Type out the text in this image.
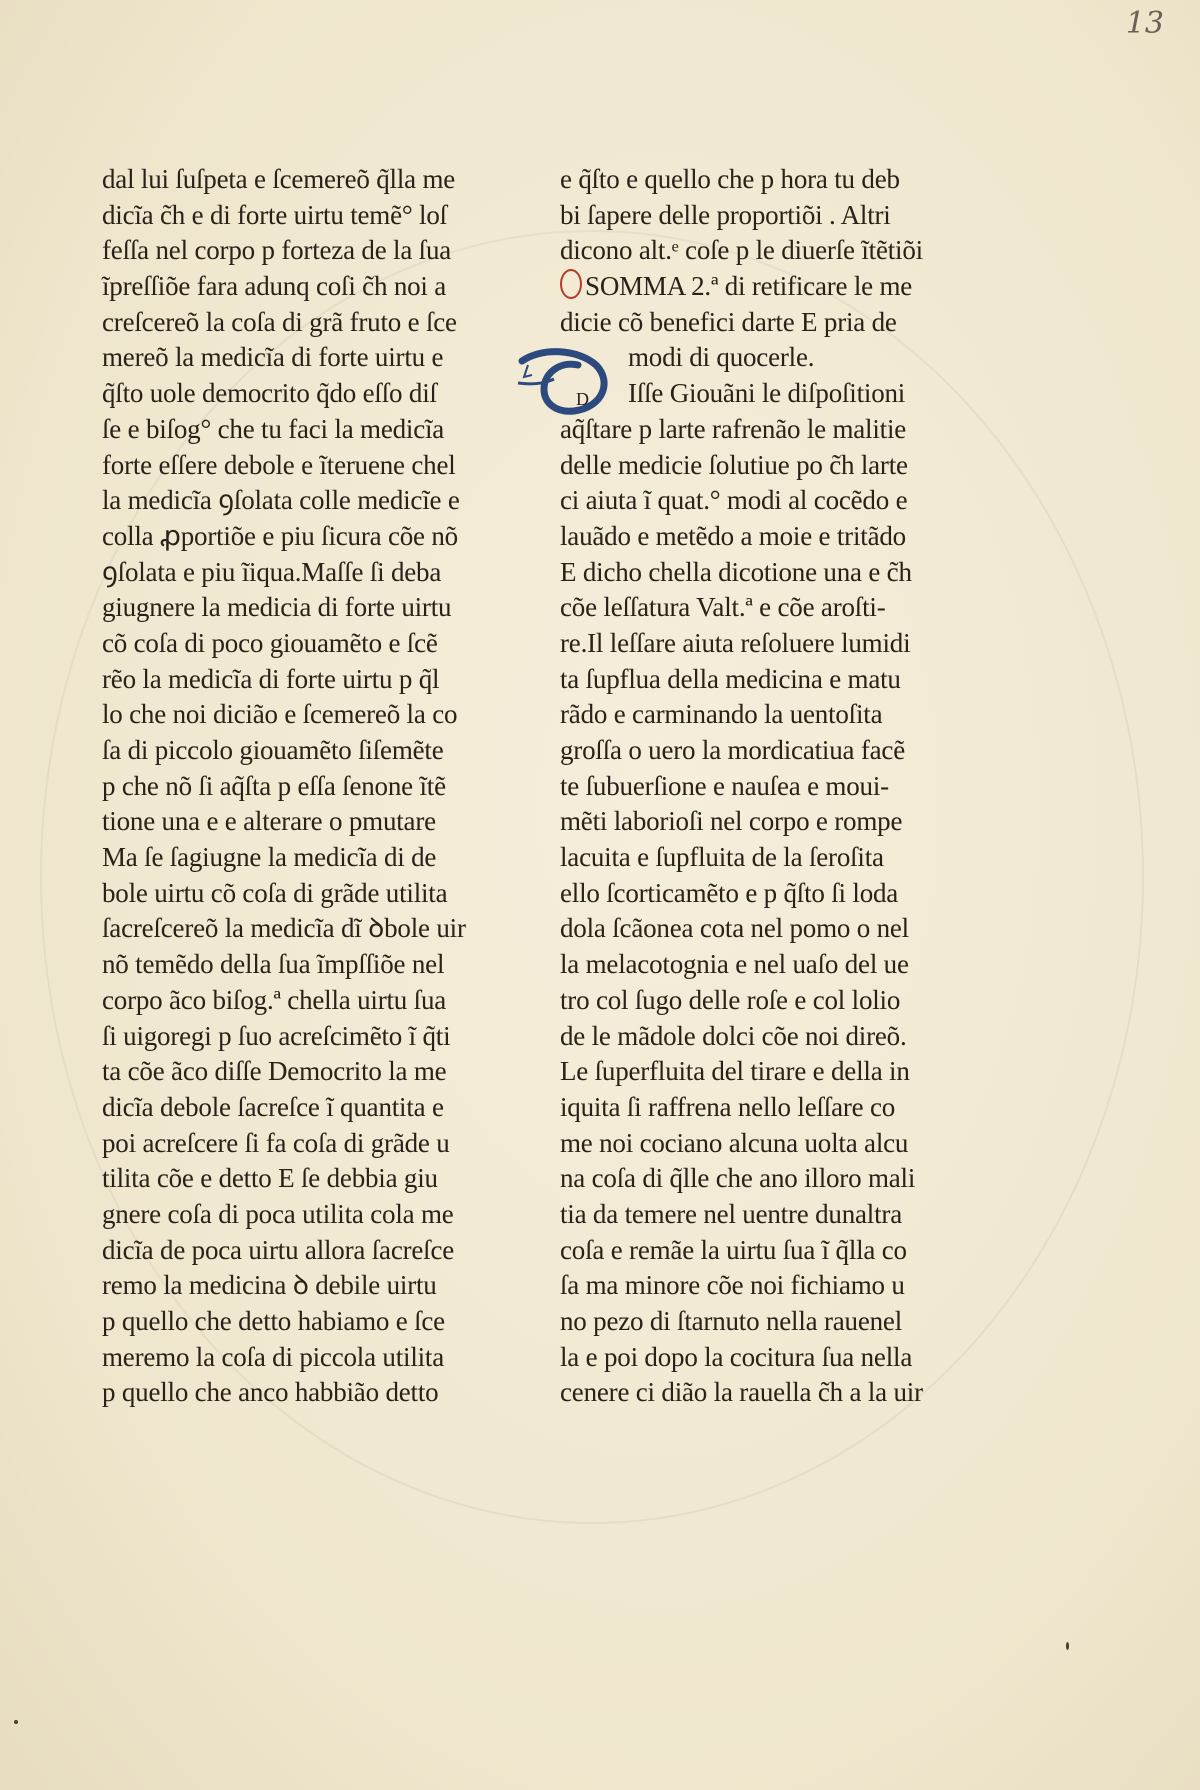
13
dal lui ſuſpeta e ſcemereõ q̃lla me
dicĩa c̃h e di forte uirtu temẽ° loſ
feſſa nel corpo p forteza de la ſua
ĩpreſſiõe fara adunq coſi c̃h noi a
creſcereõ la coſa di grã fruto e ſce
mereõ la medicĩa di forte uirtu e
q̃ſto uole democrito q̃do eſſo diſ
ſe e biſog° che tu faci la medicĩa
forte eſſere debole e ĩteruene chel
la medicĩa ꝯſolata colle medicĩe e
colla ꝓportiõe e piu ſicura cõe nõ
ꝯſolata e piu ĩiqua.Maſſe ſi deba
giugnere la medicia di forte uirtu
cõ coſa di poco giouamẽto e ſcẽ
rẽo la medicĩa di forte uirtu p q̃l
lo che noi dicião e ſcemereõ la co
ſa di piccolo giouamẽto ſiſemẽte
p che nõ ſi aq̃ſta p eſſa ſenone ĩtẽ
tione una e e alterare o pmutare
Ma ſe ſagiugne la medicĩa di de
bole uirtu cõ coſa di grãde utilita
ſacreſcereõ la medicĩa dĩ ꝺbole uir
nõ temẽdo della ſua ĩmpſſiõe nel
corpo ãco biſog.ª chella uirtu ſua
ſi uigoregi p ſuo acreſcimẽto ĩ q̃ti
ta cõe ãco diſſe Democrito la me
dicĩa debole ſacreſce ĩ quantita e
poi acreſcere ſi fa coſa di grãde u
tilita cõe e detto E ſe debbia giu
gnere coſa di poca utilita cola me
dicĩa de poca uirtu allora ſacreſce
remo la medicina ꝺ debile uirtu
p quello che detto habiamo e ſce
meremo la coſa di piccola utilita
p quello che anco habbião detto
e q̃ſto e quello che p hora tu deb
bi ſapere delle proportiõi . Altri
dicono alt.ᵉ coſe p le diuerſe ĩtẽtiõi
SOMMA 2.ª di retificare le me
dicie cõ benefici darte E pria de
modi di quocerle.
Iſſe Giouãni le diſpoſitioni
aq̃ſtare p larte rafrenão le malitie
delle medicie ſolutiue po c̃h larte
ci aiuta ĩ quat.° modi al cocẽdo e
lauãdo e metẽdo a moie e tritãdo
E dicho chella dicotione una e c̃h
cõe leſſatura Valt.ª e cõe aroſti-
re.Il leſſare aiuta reſoluere lumidi
ta ſupflua della medicina e matu
rãdo e carminando la uentoſita
groſſa o uero la mordicatiua facẽ
te ſubuerſione e nauſea e moui-
mẽti laborioſi nel corpo e rompe
lacuita e ſupfluita de la ſeroſita
ello ſcorticamẽto e p q̃ſto ſi loda
dola ſcãonea cota nel pomo o nel
la melacotognia e nel uaſo del ue
tro col ſugo delle roſe e col lolio
de le mãdole dolci cõe noi direõ.
Le ſuperfluita del tirare e della in
iquita ſi raffrena nello leſſare co
me noi cociano alcuna uolta alcu
na coſa di q̃lle che ano illoro mali
tia da temere nel uentre dunaltra
coſa e remãe la uirtu ſua ĩ q̃lla co
ſa ma minore cõe noi fichiamo u
no pezo di ſtarnuto nella rauenel
la e poi dopo la cocitura ſua nella
cenere ci dião la rauella c̃h a la uir
D
